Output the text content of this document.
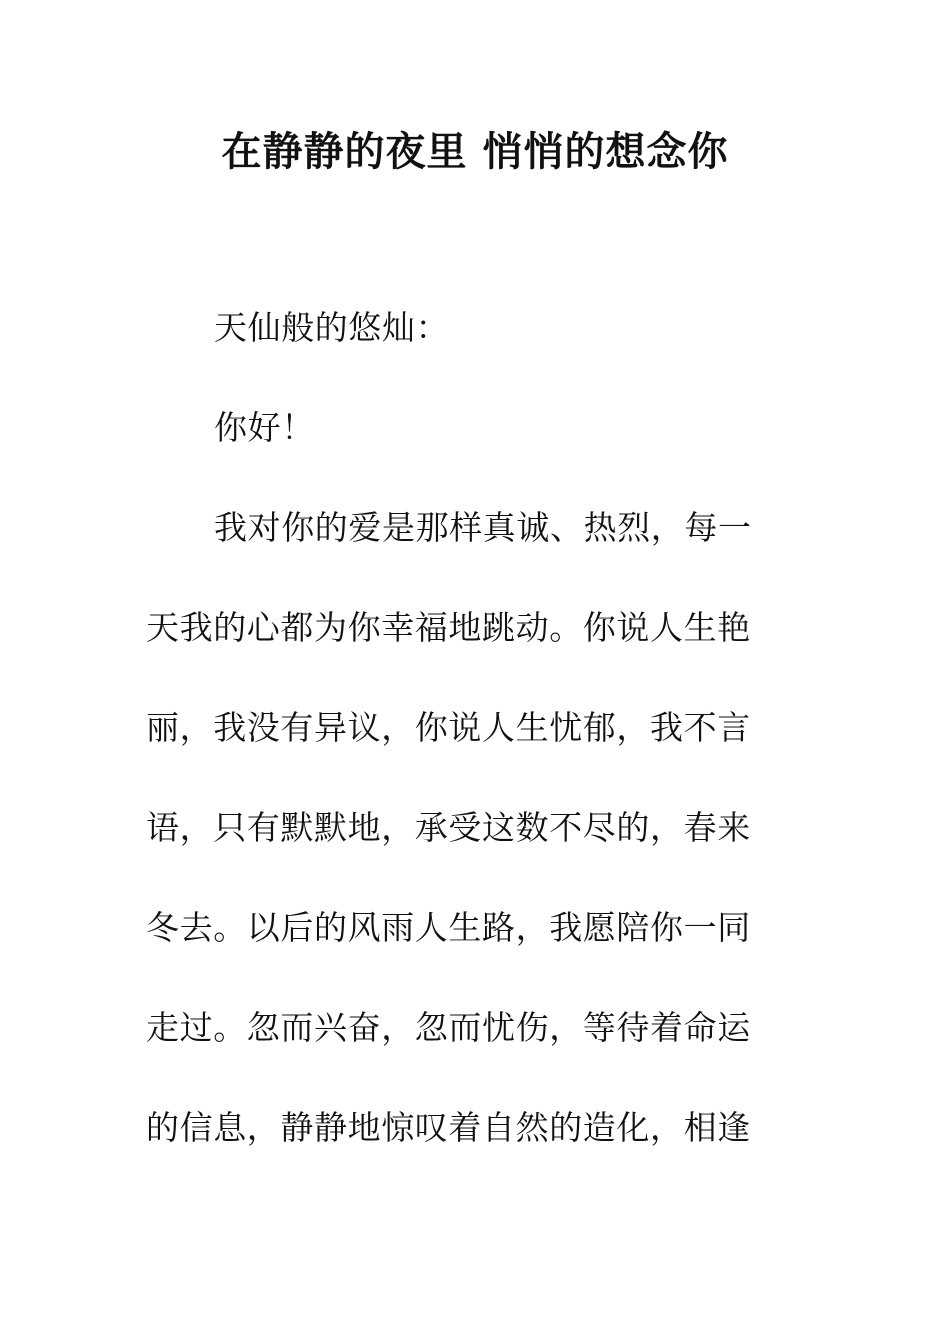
在静静的夜里 悄悄的想念你

天仙般的悠灿：

你好！

我对你的爱是那样真诚、热烈，每一

天我的心都为你幸福地跳动。你说人生艳

丽，我没有异议，你说人生忧郁，我不言

语，只有默默地，承受这数不尽的，春来

冬去。以后的风雨人生路，我愿陪你一同

走过。忽而兴奋，忽而忧伤，等待着命运

的信息，静静地惊叹着自然的造化，相逢
